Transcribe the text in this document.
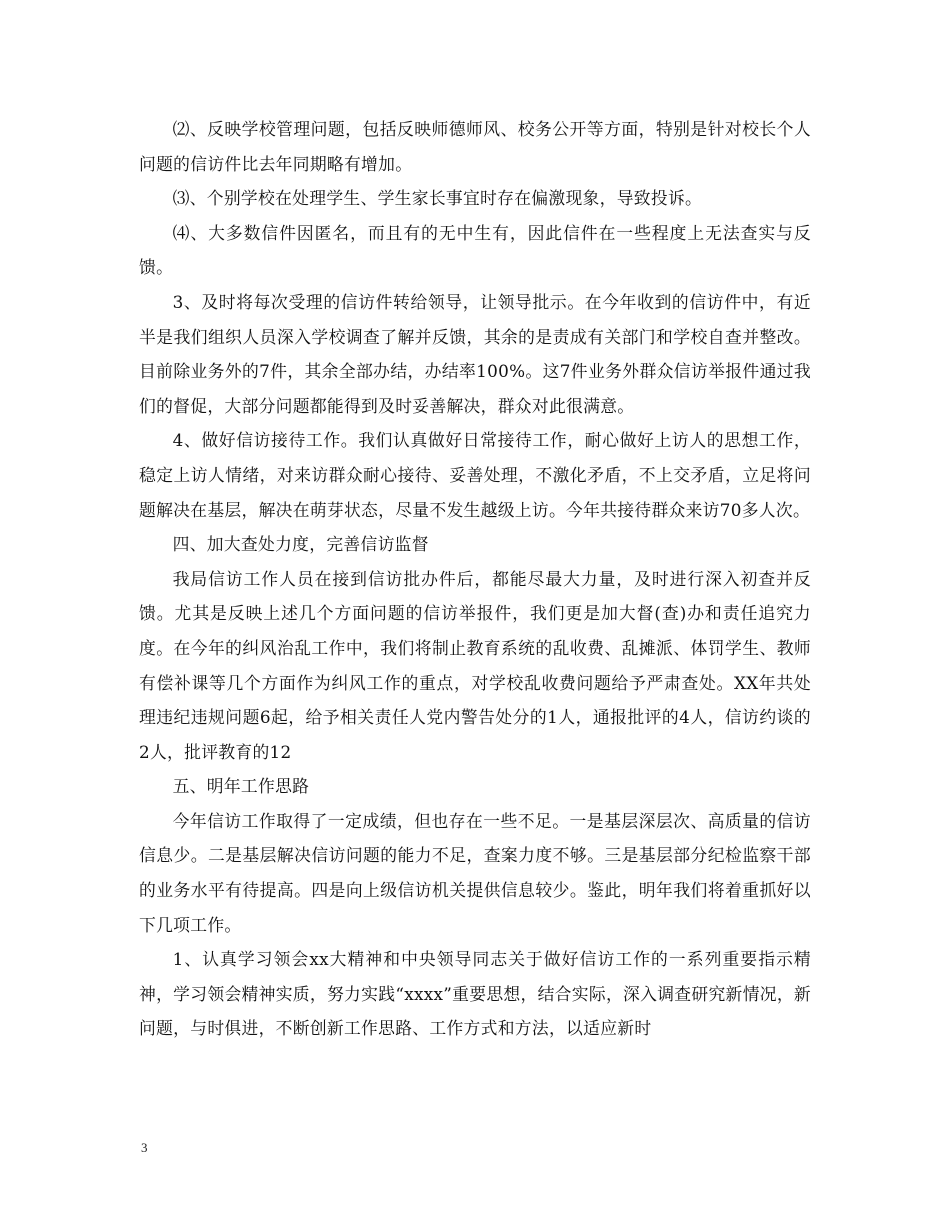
⑵、反映学校管理问题，包括反映师德师风、校务公开等方面，特别是针对校长个人问题的信访件比去年同期略有增加。

⑶、个别学校在处理学生、学生家长事宜时存在偏激现象，导致投诉。

⑷、大多数信件因匿名，而且有的无中生有，因此信件在一些程度上无法查实与反馈。

3、及时将每次受理的信访件转给领导，让领导批示。在今年收到的信访件中，有近半是我们组织人员深入学校调查了解并反馈，其余的是责成有关部门和学校自查并整改。目前除业务外的7件，其余全部办结，办结率100%。这7件业务外群众信访举报件通过我们的督促，大部分问题都能得到及时妥善解决，群众对此很满意。

4、做好信访接待工作。我们认真做好日常接待工作，耐心做好上访人的思想工作，稳定上访人情绪，对来访群众耐心接待、妥善处理，不激化矛盾，不上交矛盾，立足将问题解决在基层，解决在萌芽状态，尽量不发生越级上访。今年共接待群众来访70多人次。

四、加大查处力度，完善信访监督

我局信访工作人员在接到信访批办件后，都能尽最大力量，及时进行深入初查并反馈。尤其是反映上述几个方面问题的信访举报件，我们更是加大督(查)办和责任追究力度。在今年的纠风治乱工作中，我们将制止教育系统的乱收费、乱摊派、体罚学生、教师有偿补课等几个方面作为纠风工作的重点，对学校乱收费问题给予严肃查处。XX年共处理违纪违规问题6起，给予相关责任人党内警告处分的1人，通报批评的4人，信访约谈的2人，批评教育的12

五、明年工作思路

今年信访工作取得了一定成绩，但也存在一些不足。一是基层深层次、高质量的信访信息少。二是基层解决信访问题的能力不足，查案力度不够。三是基层部分纪检监察干部的业务水平有待提高。四是向上级信访机关提供信息较少。鉴此，明年我们将着重抓好以下几项工作。

1、认真学习领会xx大精神和中央领导同志关于做好信访工作的一系列重要指示精神，学习领会精神实质，努力实践“xxxx”重要思想，结合实际，深入调查研究新情况，新问题，与时俱进，不断创新工作思路、工作方式和方法，以适应新时

3
